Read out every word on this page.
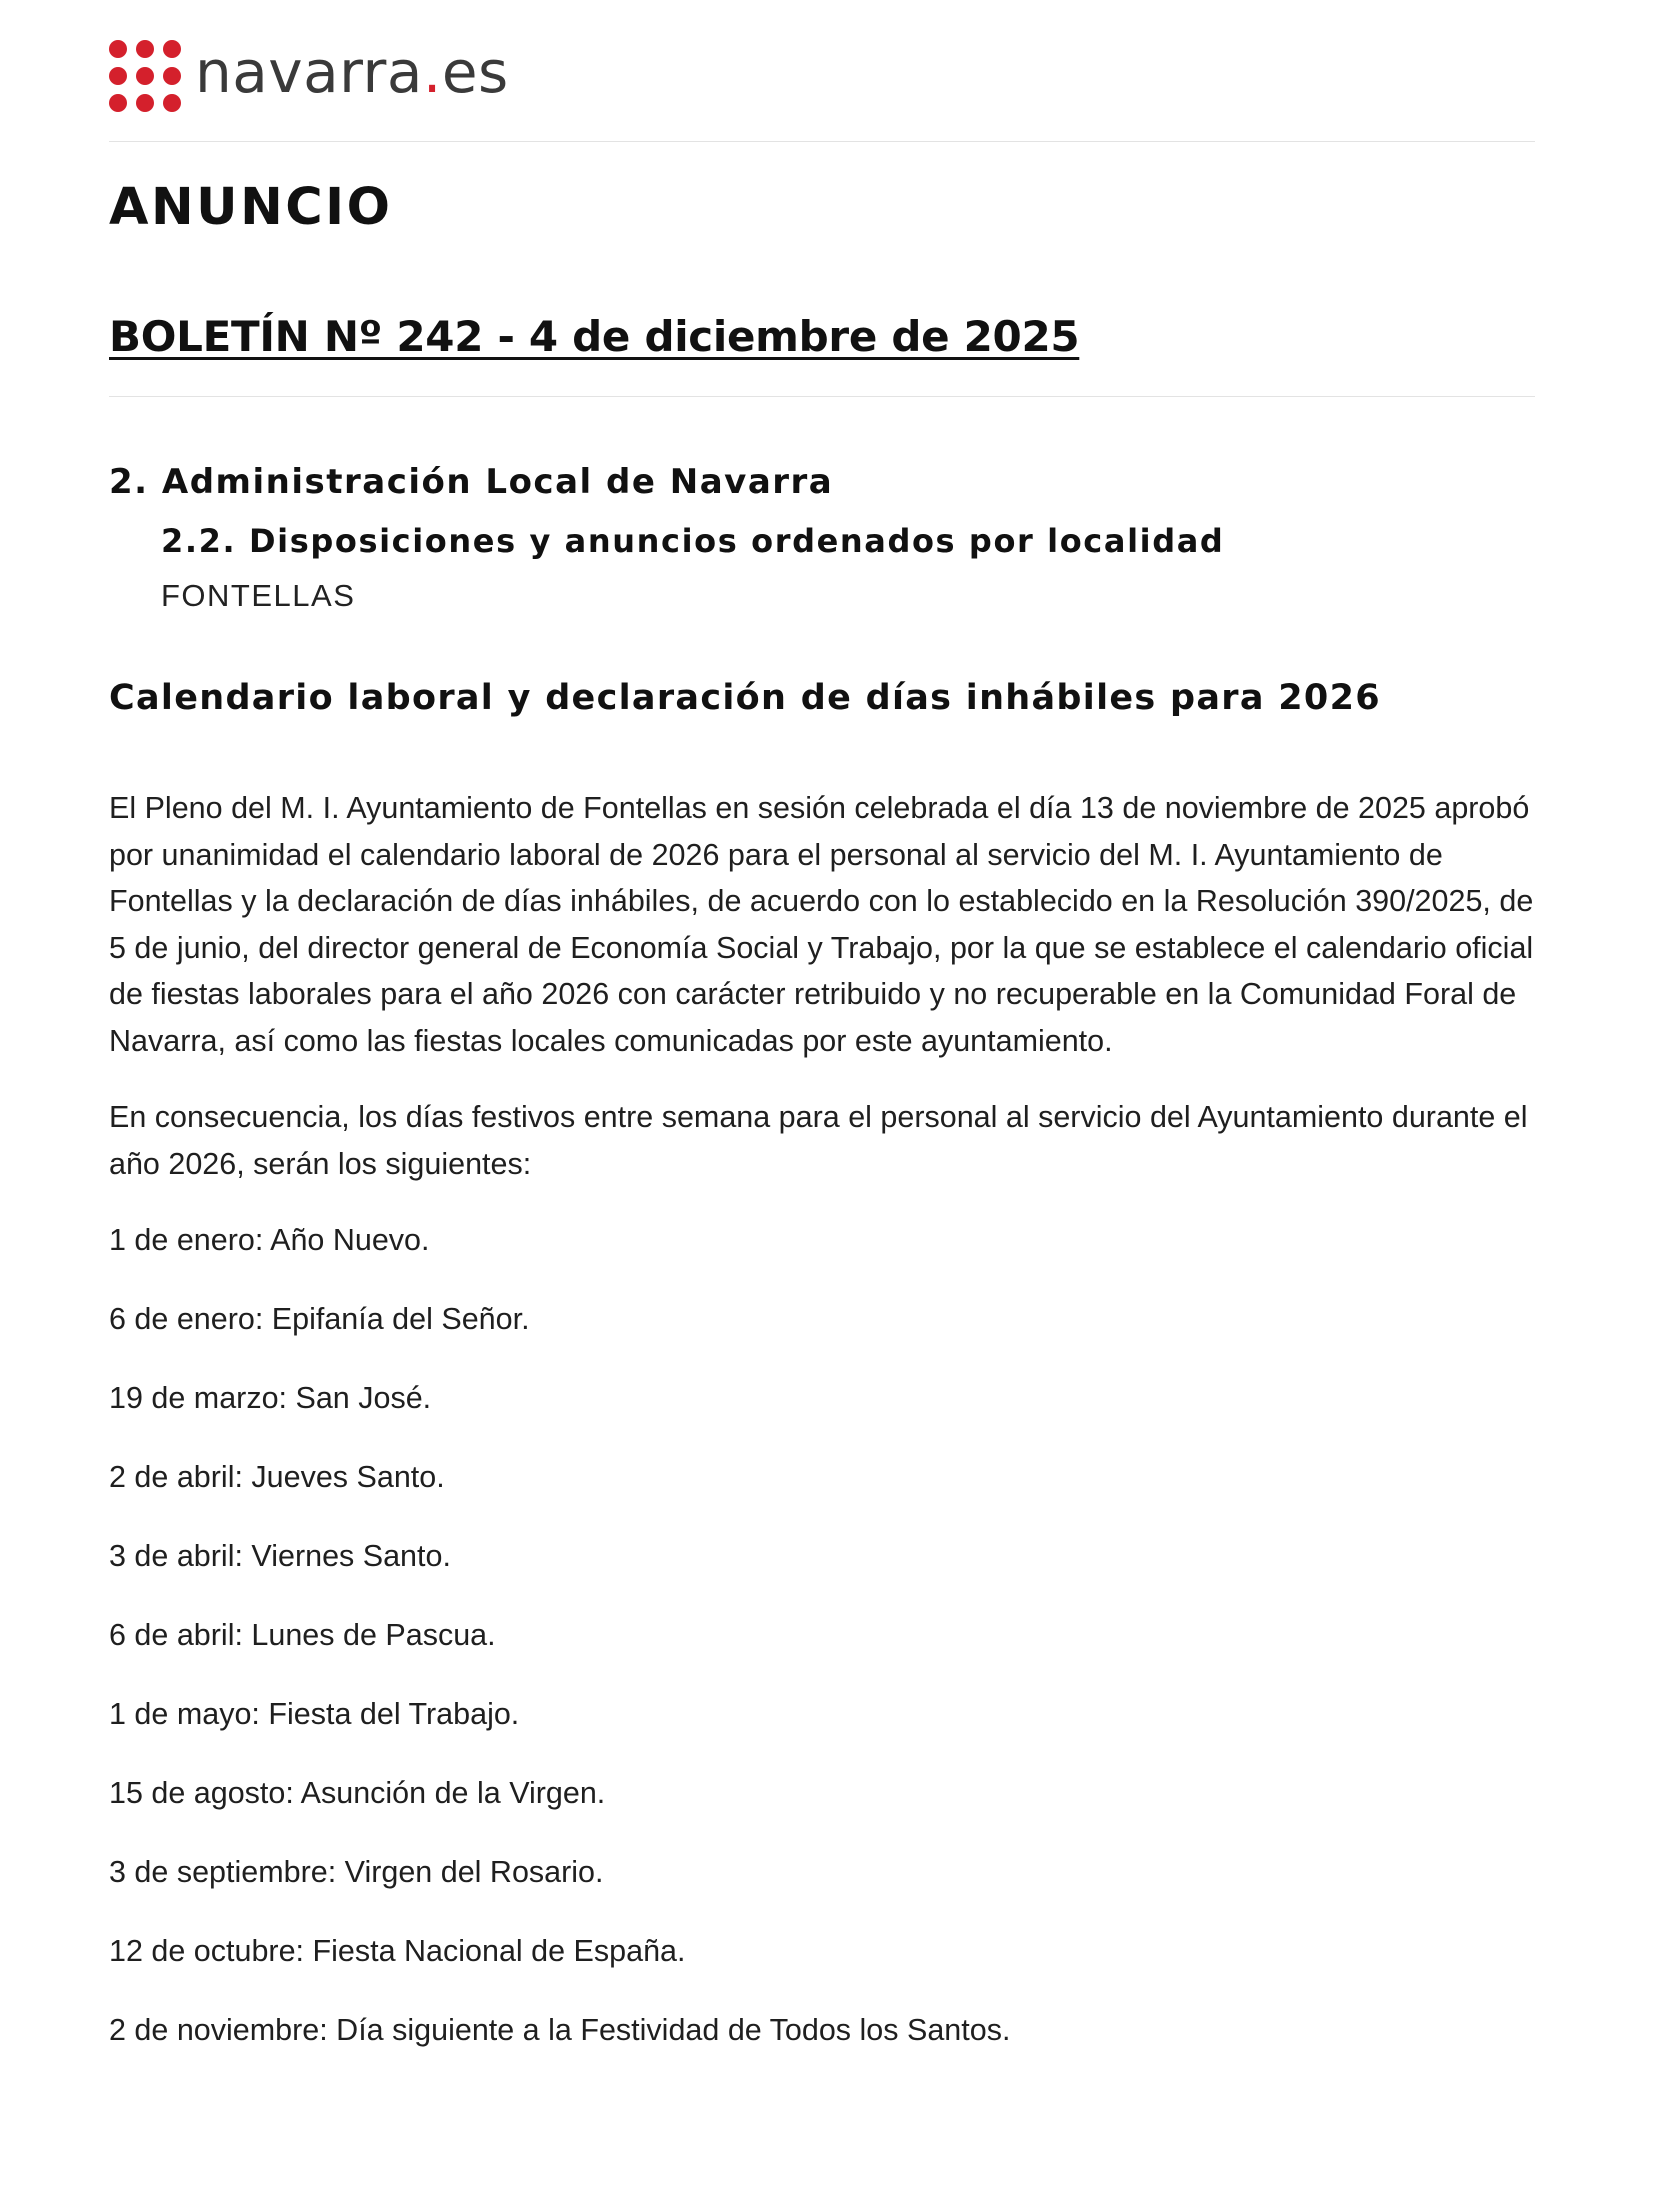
navarra.es
ANUNCIO
BOLETÍN Nº 242 - 4 de diciembre de 2025
2. Administración Local de Navarra
2.2. Disposiciones y anuncios ordenados por localidad
FONTELLAS
Calendario laboral y declaración de días inhábiles para 2026

El Pleno del M. I. Ayuntamiento de Fontellas en sesión celebrada el día 13 de noviembre de 2025 aprobó por unanimidad el calendario laboral de 2026 para el personal al servicio del M. I. Ayuntamiento de Fontellas y la declaración de días inhábiles, de acuerdo con lo establecido en la Resolución 390/2025, de 5 de junio, del director general de Economía Social y Trabajo, por la que se establece el calendario oficial de fiestas laborales para el año 2026 con carácter retribuido y no recuperable en la Comunidad Foral de Navarra, así como las fiestas locales comunicadas por este ayuntamiento.

En consecuencia, los días festivos entre semana para el personal al servicio del Ayuntamiento durante el año 2026, serán los siguientes:

1 de enero: Año Nuevo.
6 de enero: Epifanía del Señor.
19 de marzo: San José.
2 de abril: Jueves Santo.
3 de abril: Viernes Santo.
6 de abril: Lunes de Pascua.
1 de mayo: Fiesta del Trabajo.
15 de agosto: Asunción de la Virgen.
3 de septiembre: Virgen del Rosario.
12 de octubre: Fiesta Nacional de España.
2 de noviembre: Día siguiente a la Festividad de Todos los Santos.
